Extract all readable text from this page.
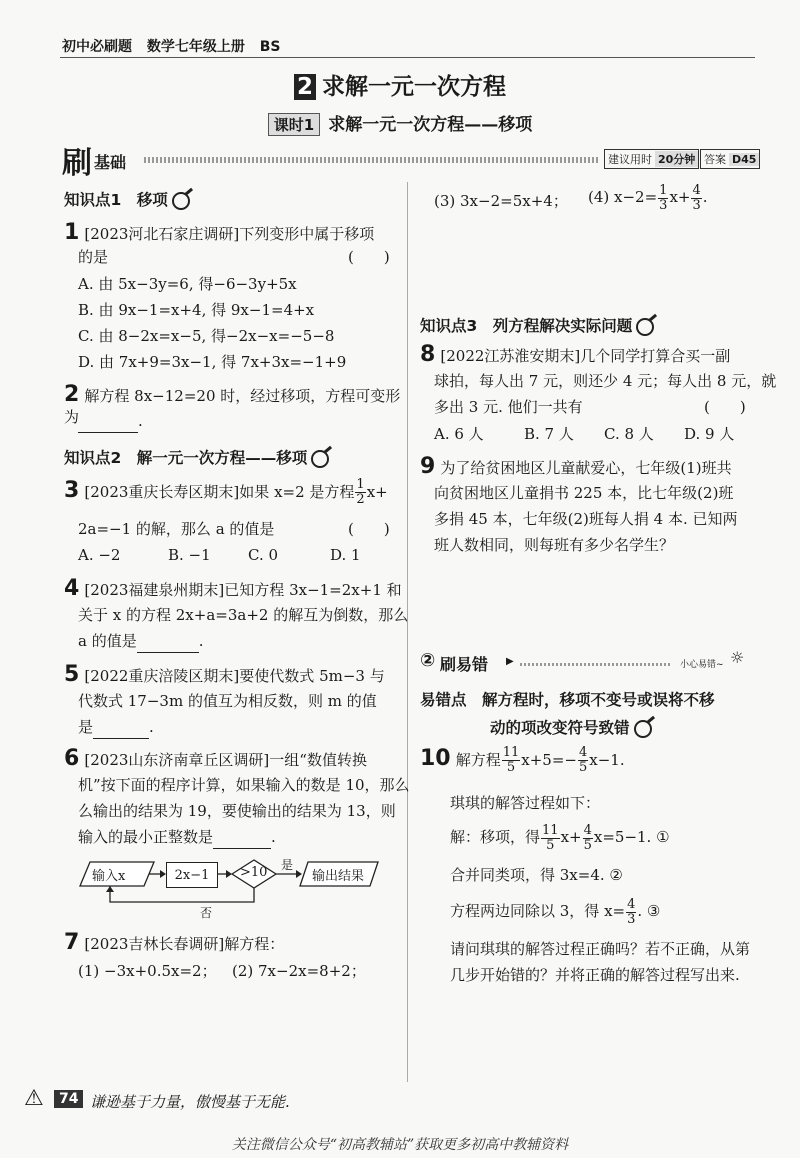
初中必刷题 数学七年级上册 BS
2 求解一元一次方程
课时1 求解一元一次方程——移项
刷 基础	建议用时 20分钟 答案 D45
知识点1　移项
1 [2023河北石家庄调研]下列变形中属于移项
的是	(　　)
A. 由 5x−3y=6, 得−6−3y+5x
B. 由 9x−1=x+4, 得 9x−1=4+x
C. 由 8−2x=x−5, 得−2x−x=−5−8
D. 由 7x+9=3x−1, 得 7x+3x=−1+9
2 解方程 8x−12=20 时，经过移项，方程可变形为	.
知识点2　解一元一次方程——移项
3 [2023重庆长寿区期末]如果 x=2 是方程 $\frac{1}{2} x+$
2a=−1 的解，那么 a 的值是	(　　)
A. −2	B. −1 C. 0	D. 1
4 [2023福建泉州期末]已知方程 3x−1=2x+1 和
关于 x 的方程 2x+a=3a+2 的解互为倒数，那么
a 的值是	.
5 [2022重庆涪陵区期末]要使代数式 5m−3 与
代数式 17−3m 的值互为相反数，则 m 的值
是	.
6 [2023山东济南章丘区调研]一组“数值转换
机”按下面的程序计算，如果输入的数是 10，那么
么输出的结果为 19，要使输出的结果为 13，则
输入的最小正整数是	.
输入x	2x−1 >10 是
输出结果
否
7 [2023吉林长春调研]解方程：
(1) −3x+0.5x=2； (2) 7x−2x=8+2；
(3) 3x−2=5x+4； (4) $x-2= \frac{1}{3} x+ \frac{4}{3}$ .
知识点3　列方程解决实际问题
8 [2022江苏淮安期末]几个同学打算合买一副
球拍，每人出 7 元，则还少 4 元；每人出 8 元，就
多出 3 元. 他们一共有	(　　)
A. 6 人	B. 7 人 C. 8 人 D. 9 人
9 为了给贫困地区儿童献爱心，七年级(1)班共
向贫困地区儿童捐书 225 本，比七年级(2)班
多捐 45 本，七年级(2)班每人捐 4 本. 已知两
班人数相同，则每班有多少名学生？
② 刷易错 ▶	小心易错~ ☼
易错点　 解方程时，移项不变号或误将不移
动的项改变符号致错
10 解方程 $\frac{11}{5} x+5=- \frac{4}{5} x-1$.
琪琪的解答过程如下：
解：移项，得 $\frac{11}{5} x+ \frac{4}{5} x=5-1$. ①
合并同类项，得 3x=4. ②
方程两边同除以 3，得 $x= \frac{4}{3}$ . ③
请问琪琪的解答过程正确吗？若不正确，从第
几步开始错的？并将正确的解答过程写出来.
⚠	74 谦逊基于力量，傲慢基于无能.
关注微信公众号“初高教辅站”获取更多初高中教辅资料
